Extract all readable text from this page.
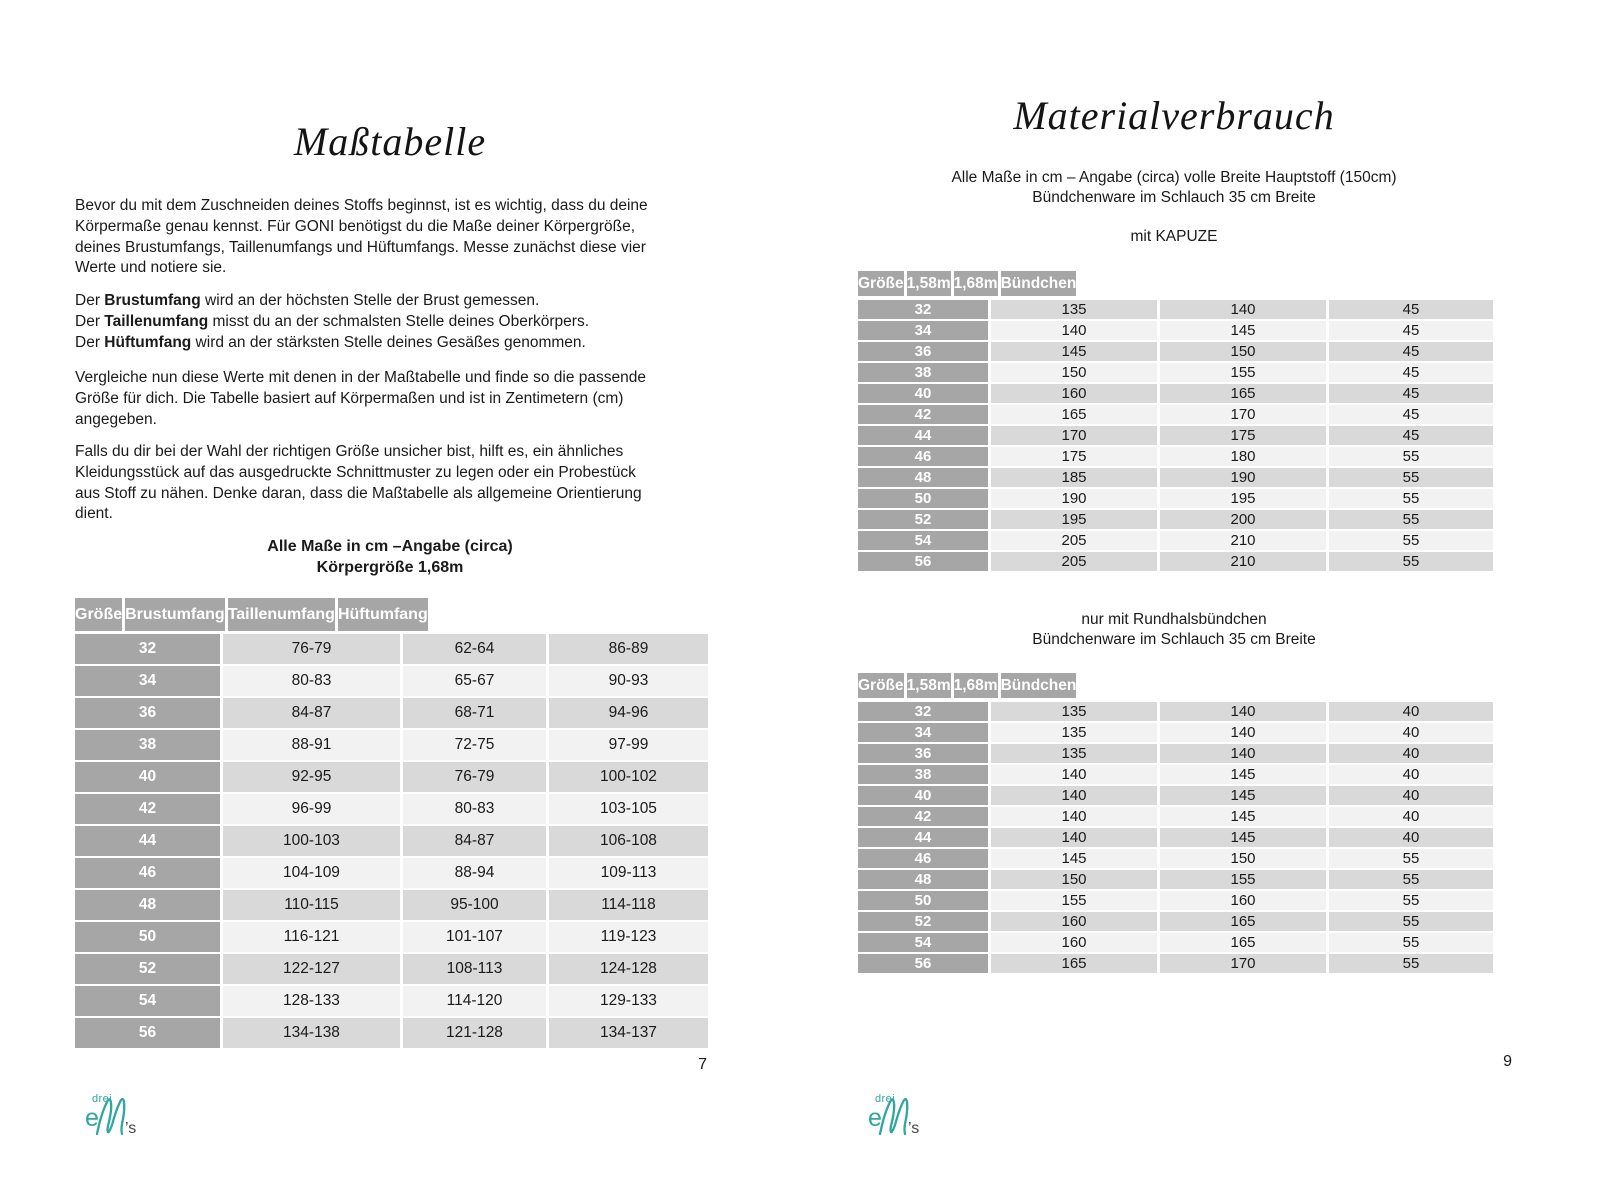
Maßtabelle
Bevor du mit dem Zuschneiden deines Stoffs beginnst, ist es wichtig, dass du deine
Körpermaße genau kennst. Für GONI benötigst du die Maße deiner Körpergröße,
deines Brustumfangs, Taillenumfangs und Hüftumfangs. Messe zunächst diese vier
Werte und notiere sie.
Der Brustumfang wird an der höchsten Stelle der Brust gemessen.
Der Taillenumfang misst du an der schmalsten Stelle deines Oberkörpers.
Der Hüftumfang wird an der stärksten Stelle deines Gesäßes genommen.
Vergleiche nun diese Werte mit denen in der Maßtabelle und finde so die passende
Größe für dich. Die Tabelle basiert auf Körpermaßen und ist in Zentimetern (cm)
angegeben.
Falls du dir bei der Wahl der richtigen Größe unsicher bist, hilft es, ein ähnliches
Kleidungsstück auf das ausgedruckte Schnittmuster zu legen oder ein Probestück
aus Stoff zu nähen. Denke daran, dass die Maßtabelle als allgemeine Orientierung
dient.
Alle Maße in cm –Angabe (circa)
Körpergröße 1,68m
Größe Brustumfang Taillenumfang Hüftumfang
32	76-79	62-64	86-89
34	80-83	65-67	90-93
36	84-87	68-71	94-96
38	88-91	72-75	97-99
40	92-95	76-79	100-102
42	96-99	80-83	103-105
44	100-103	84-87	106-108
46	104-109	88-94	109-113
48	110-115	95-100	114-118
50	116-121	101-107	119-123
52	122-127	108-113	124-128
54	128-133	114-120	129-133
56	134-138	121-128	134-137
7
drei
e ’s
Materialverbrauch
Alle Maße in cm – Angabe (circa) volle Breite Hauptstoff (150cm)
Bündchenware im Schlauch 35 cm Breite
mit KAPUZE
Größe 1,58m 1,68m Bündchen
32	135	140	45
34	140	145	45
36	145	150	45
38	150	155	45
40	160	165	45
42	165	170	45
44	170	175	45
46	175	180	55
48	185	190	55
50	190	195	55
52	195	200	55
54	205	210	55
56	205	210	55
nur mit Rundhalsbündchen
Bündchenware im Schlauch 35 cm Breite
Größe 1,58m 1,68m Bündchen
32	135	140	40
34	135	140	40
36	135	140	40
38	140	145	40
40	140	145	40
42	140	145	40
44	140	145	40
46	145	150	55
48	150	155	55
50	155	160	55
52	160	165	55
54	160	165	55
56	165	170	55
9
drei
e ’s
